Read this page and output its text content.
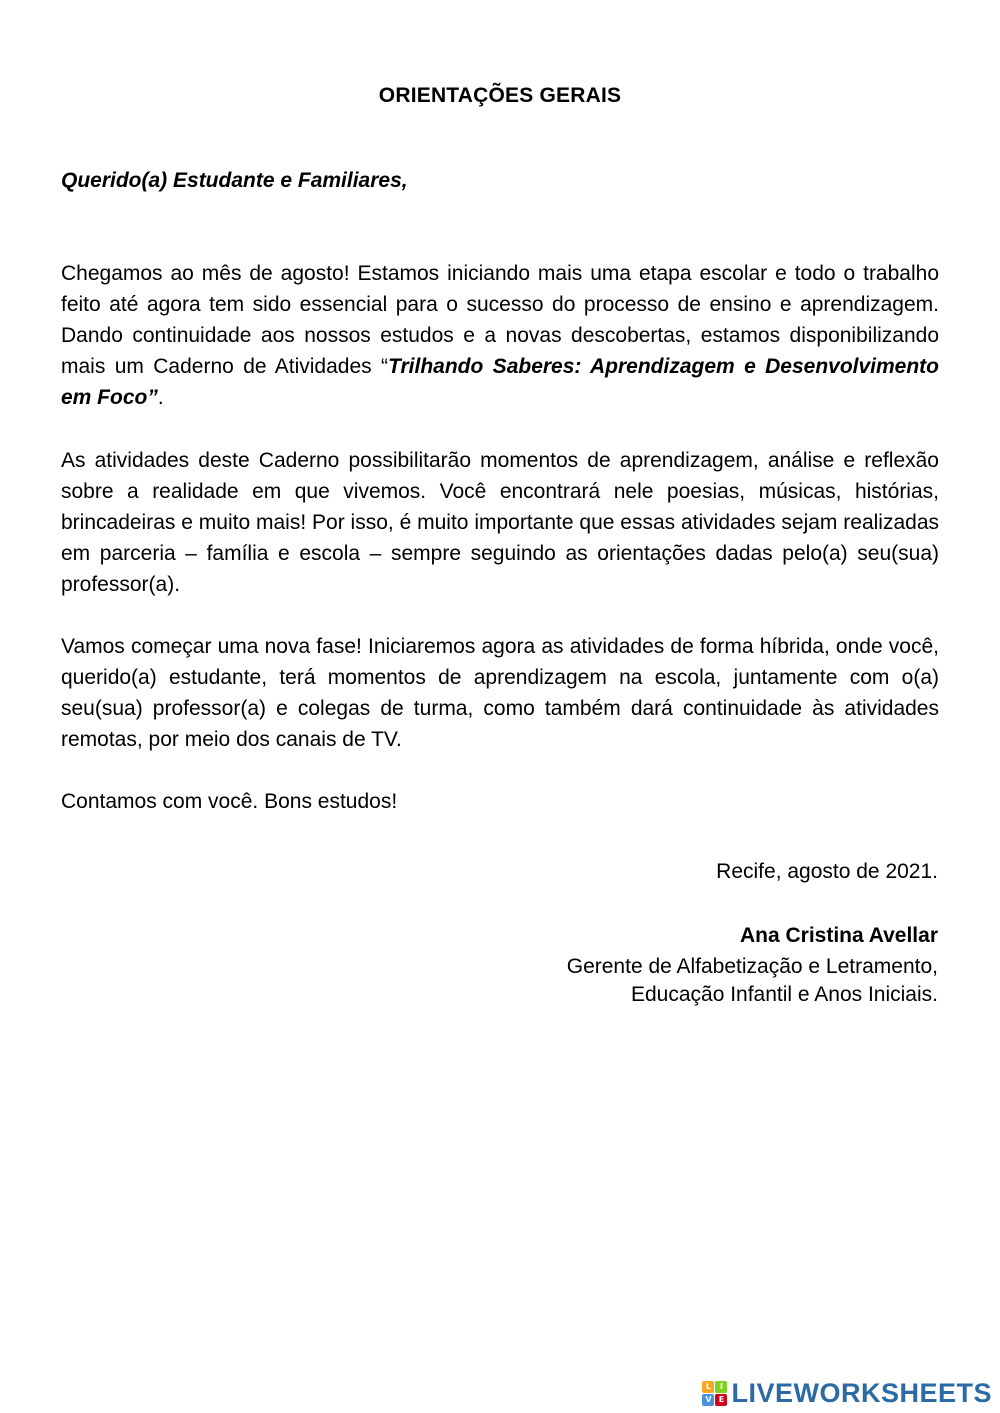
ORIENTAÇÕES GERAIS
Querido(a) Estudante e Familiares,

Chegamos ao mês de agosto! Estamos iniciando mais uma etapa escolar e todo o trabalho feito até agora tem sido essencial para o sucesso do processo de ensino e aprendizagem. Dando continuidade aos nossos estudos e a novas descobertas, estamos disponibilizando mais um Caderno de Atividades “Trilhando Saberes: Aprendizagem e Desenvolvimento em Foco”.

As atividades deste Caderno possibilitarão momentos de aprendizagem, análise e reflexão sobre a realidade em que vivemos. Você encontrará nele poesias, músicas, histórias, brincadeiras e muito mais! Por isso, é muito importante que essas atividades sejam realizadas em parceria – família e escola – sempre seguindo as orientações dadas pelo(a) seu(sua) professor(a).

Vamos começar uma nova fase! Iniciaremos agora as atividades de forma híbrida, onde você, querido(a) estudante, terá momentos de aprendizagem na escola, juntamente com o(a) seu(sua) professor(a) e colegas de turma, como também dará continuidade às atividades remotas, por meio dos canais de TV.

Contamos com você. Bons estudos!

Recife, agosto de 2021.
Ana Cristina Avellar
Gerente de Alfabetização e Letramento,
Educação Infantil e Anos Iniciais.
L	I
V E LIVEWORKSHEETS
